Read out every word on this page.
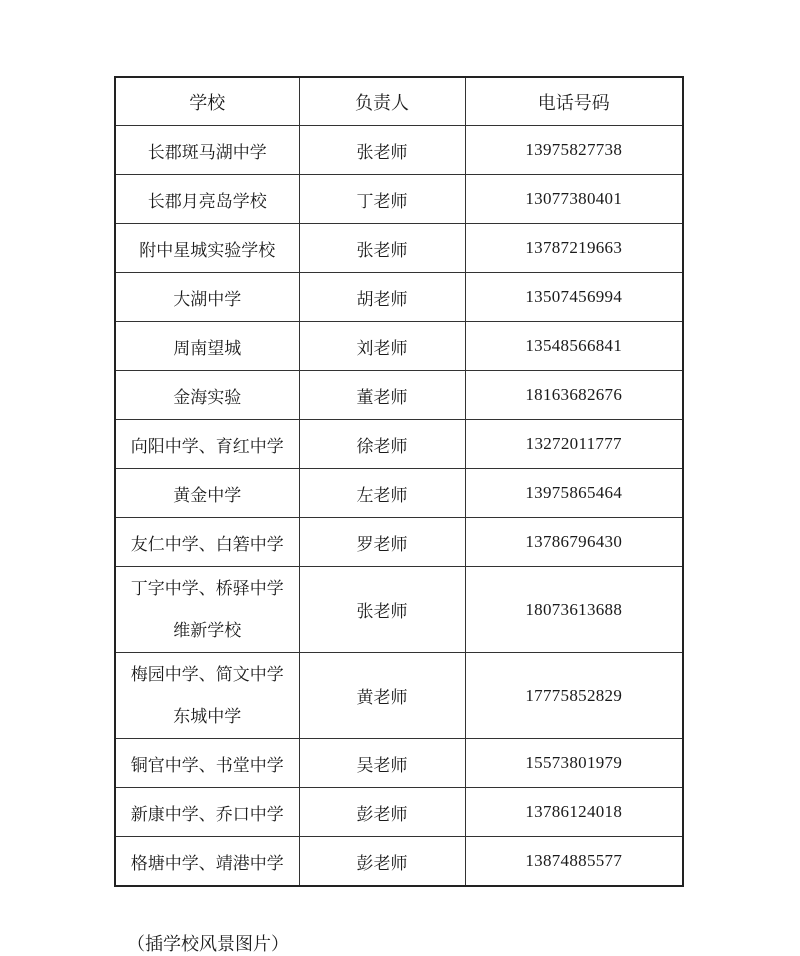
学校	负责人	电话号码

长郡斑马湖中学	张老师	13975827738

长郡月亮岛学校	丁老师	13077380401

附中星城实验学校	张老师	13787219663

大湖中学	胡老师	13507456994

周南望城	刘老师	13548566841

金海实验	董老师	18163682676

向阳中学、育红中学	徐老师	13272011777

黄金中学	左老师	13975865464

友仁中学、白箬中学	罗老师	13786796430

丁字中学、桥驿中学
维新学校	张老师	18073613688

梅园中学、简文中学
东城中学	黄老师	17775852829

铜官中学、书堂中学	吴老师	15573801979

新康中学、乔口中学	彭老师	13786124018

格塘中学、靖港中学	彭老师	13874885577
（插学校风景图片）
